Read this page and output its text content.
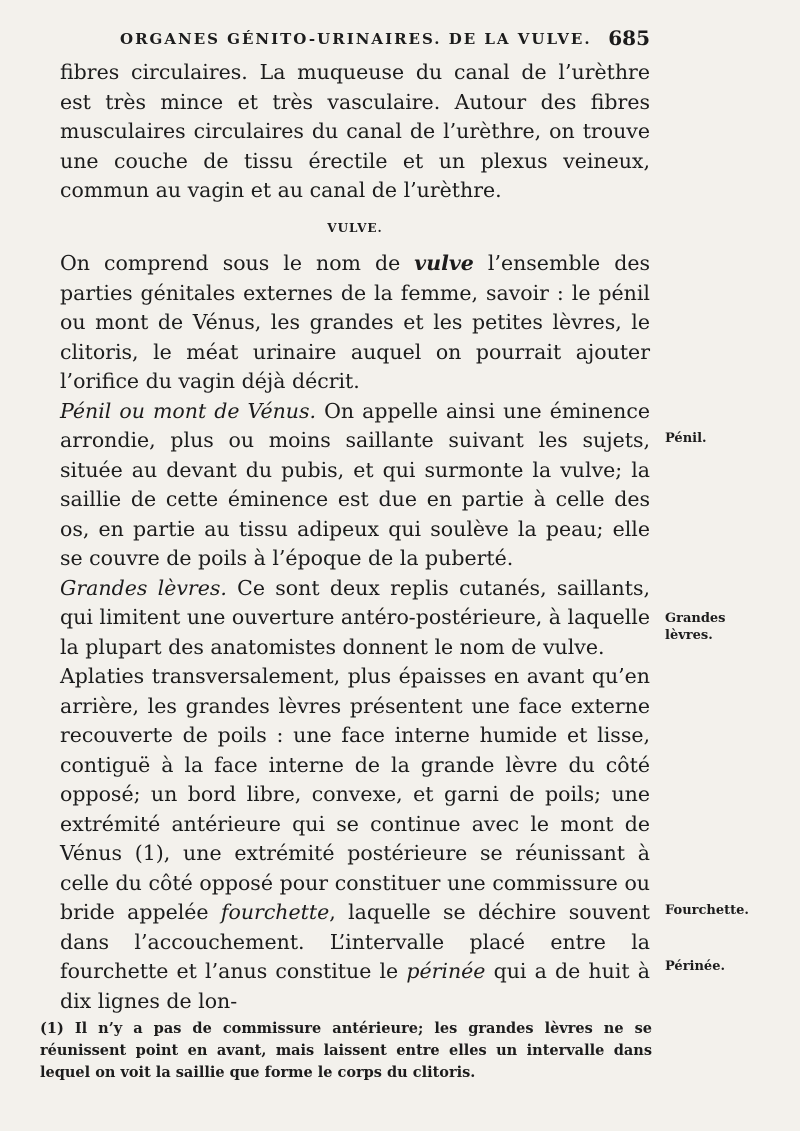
ORGANES GÉNITO-URINAIRES. DE LA VULVE. 685

fibres circulaires. La muqueuse du canal de l’urèthre est très mince et très vasculaire. Autour des fibres musculaires circulaires du canal de l’urèthre, on trouve une couche de tissu érectile et un plexus veineux, commun au vagin et au canal de l’urèthre.

VULVE.

On comprend sous le nom de vulve l’ensemble des parties génitales externes de la femme, savoir : le pénil ou mont de Vénus, les grandes et les petites lèvres, le clitoris, le méat urinaire auquel on pourrait ajouter l’orifice du vagin déjà décrit.

Pénil ou mont de Vénus. On appelle ainsi une éminence arrondie, plus ou moins saillante suivant les sujets, située au devant du pubis, et qui surmonte la vulve; la saillie de cette éminence est due en partie à celle des os, en partie au tissu adipeux qui soulève la peau; elle se couvre de poils à l’époque de la puberté.

Grandes lèvres. Ce sont deux replis cutanés, saillants, qui limitent une ouverture antéro-postérieure, à laquelle la plupart des anatomistes donnent le nom de vulve.

Aplaties transversalement, plus épaisses en avant qu’en arrière, les grandes lèvres présentent une face externe recouverte de poils : une face interne humide et lisse, contiguë à la face interne de la grande lèvre du côté opposé; un bord libre, convexe, et garni de poils; une extrémité antérieure qui se continue avec le mont de Vénus (1), une extrémité postérieure se réunissant à celle du côté opposé pour constituer une commissure ou bride appelée fourchette, laquelle se déchire souvent dans l’accouchement. L’intervalle placé entre la fourchette et l’anus constitue le périnée qui a de huit à dix lignes de lon-

Pénil.
Grandes lèvres.
Fourchette.
Périnée.
(1) Il n’y a pas de commissure antérieure; les grandes lèvres ne se réunissent point en avant, mais laissent entre elles un intervalle dans lequel on voit la saillie que forme le corps du clitoris.
